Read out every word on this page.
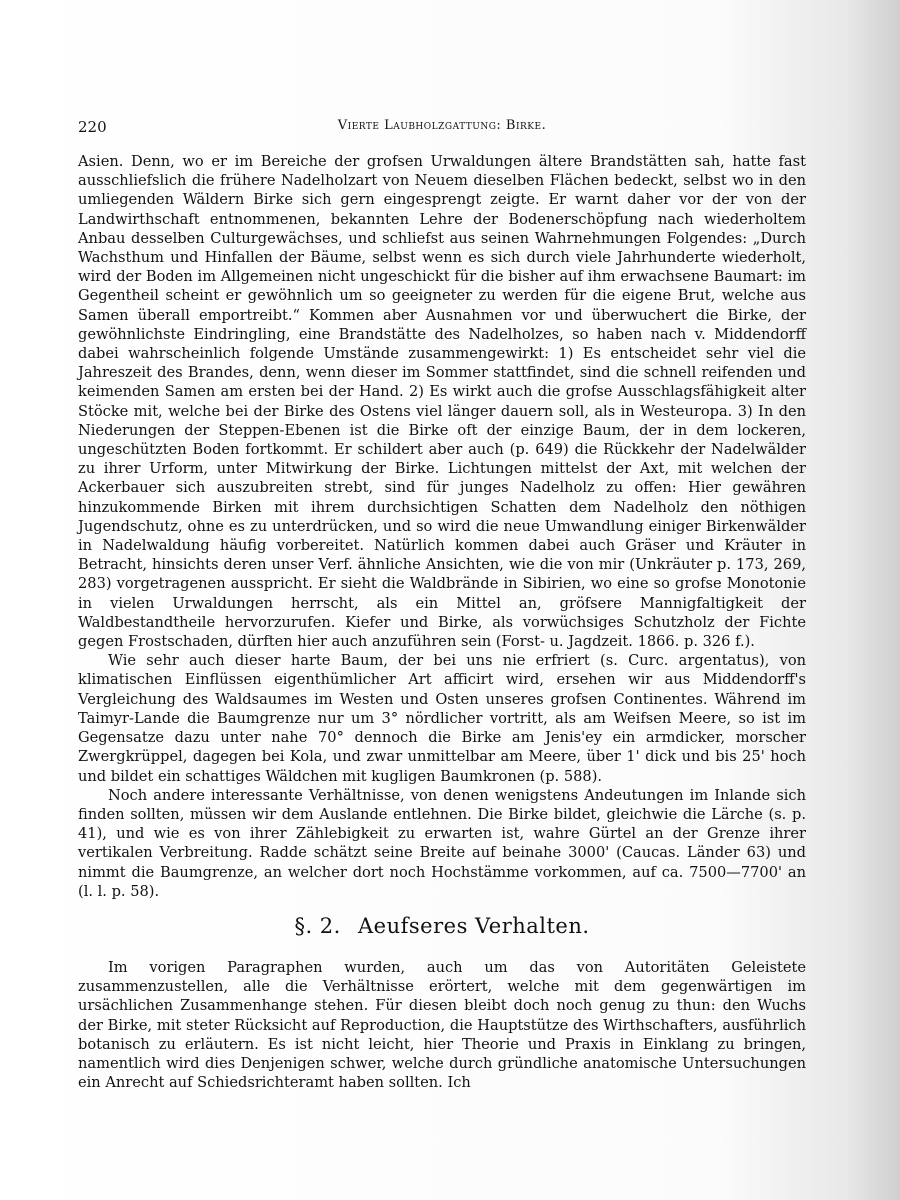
220	Vierte Laubholzgattung: Birke.

Asien. Denn, wo er im Bereiche der grofsen Urwaldungen ältere Brandstätten sah, hatte fast ausschliefslich die frühere Nadelholzart von Neuem dieselben Flächen bedeckt, selbst wo in den umliegenden Wäldern Birke sich gern eingesprengt zeigte. Er warnt daher vor der von der Landwirthschaft entnommenen, bekannten Lehre der Bodenerschöpfung nach wiederholtem Anbau desselben Culturgewächses, und schliefst aus seinen Wahrnehmungen Folgendes: „Durch Wachsthum und Hinfallen der Bäume, selbst wenn es sich durch viele Jahrhunderte wiederholt, wird der Boden im Allgemeinen nicht ungeschickt für die bisher auf ihm erwachsene Baumart: im Gegentheil scheint er gewöhnlich um so geeigneter zu werden für die eigene Brut, welche aus Samen überall emportreibt.“ Kommen aber Ausnahmen vor und überwuchert die Birke, der gewöhnlichste Eindringling, eine Brandstätte des Nadelholzes, so haben nach v. Middendorff dabei wahrscheinlich folgende Umstände zusammengewirkt: 1) Es entscheidet sehr viel die Jahreszeit des Brandes, denn, wenn dieser im Sommer stattfindet, sind die schnell reifenden und keimenden Samen am ersten bei der Hand. 2) Es wirkt auch die grofse Ausschlagsfähigkeit alter Stöcke mit, welche bei der Birke des Ostens viel länger dauern soll, als in Westeuropa. 3) In den Niederungen der Steppen-Ebenen ist die Birke oft der einzige Baum, der in dem lockeren, ungeschützten Boden fortkommt. Er schildert aber auch (p. 649) die Rückkehr der Nadelwälder zu ihrer Urform, unter Mitwirkung der Birke. Lichtungen mittelst der Axt, mit welchen der Ackerbauer sich auszubreiten strebt, sind für junges Nadelholz zu offen: Hier gewähren hinzukommende Birken mit ihrem durchsichtigen Schatten dem Nadelholz den nöthigen Jugendschutz, ohne es zu unterdrücken, und so wird die neue Umwandlung einiger Birkenwälder in Nadelwaldung häufig vorbereitet. Natürlich kommen dabei auch Gräser und Kräuter in Betracht, hinsichts deren unser Verf. ähnliche Ansichten, wie die von mir (Unkräuter p. 173, 269, 283) vorgetragenen ausspricht. Er sieht die Waldbrände in Sibirien, wo eine so grofse Monotonie in vielen Urwaldungen herrscht, als ein Mittel an, gröfsere Mannigfaltigkeit der Waldbestandtheile hervorzurufen. Kiefer und Birke, als vorwüchsiges Schutzholz der Fichte gegen Frostschaden, dürften hier auch anzuführen sein (Forst- u. Jagdzeit. 1866. p. 326 f.).

Wie sehr auch dieser harte Baum, der bei uns nie erfriert (s. Curc. argentatus), von klimatischen Einflüssen eigenthümlicher Art afficirt wird, ersehen wir aus Middendorff's Vergleichung des Waldsaumes im Westen und Osten unseres grofsen Continentes. Während im Taimyr-Lande die Baumgrenze nur um 3° nördlicher vortritt, als am Weifsen Meere, so ist im Gegensatze dazu unter nahe 70° dennoch die Birke am Jenis'ey ein armdicker, morscher Zwergkrüppel, dagegen bei Kola, und zwar unmittelbar am Meere, über 1' dick und bis 25' hoch und bildet ein schattiges Wäldchen mit kugligen Baumkronen (p. 588).

Noch andere interessante Verhältnisse, von denen wenigstens Andeutungen im Inlande sich finden sollten, müssen wir dem Auslande entlehnen. Die Birke bildet, gleichwie die Lärche (s. p. 41), und wie es von ihrer Zählebigkeit zu erwarten ist, wahre Gürtel an der Grenze ihrer vertikalen Verbreitung. Radde schätzt seine Breite auf beinahe 3000' (Caucas. Länder 63) und nimmt die Baumgrenze, an welcher dort noch Hochstämme vorkommen, auf ca. 7500—7700' an (l. l. p. 58).

§. 2. Aeufseres Verhalten.

Im vorigen Paragraphen wurden, auch um das von Autoritäten Geleistete zusammenzustellen, alle die Verhältnisse erörtert, welche mit dem gegenwärtigen im ursächlichen Zusammenhange stehen. Für diesen bleibt doch noch genug zu thun: den Wuchs der Birke, mit steter Rücksicht auf Reproduction, die Hauptstütze des Wirthschafters, ausführlich botanisch zu erläutern. Es ist nicht leicht, hier Theorie und Praxis in Einklang zu bringen, namentlich wird dies Denjenigen schwer, welche durch gründliche anatomische Untersuchungen ein Anrecht auf Schiedsrichteramt haben sollten. Ich
